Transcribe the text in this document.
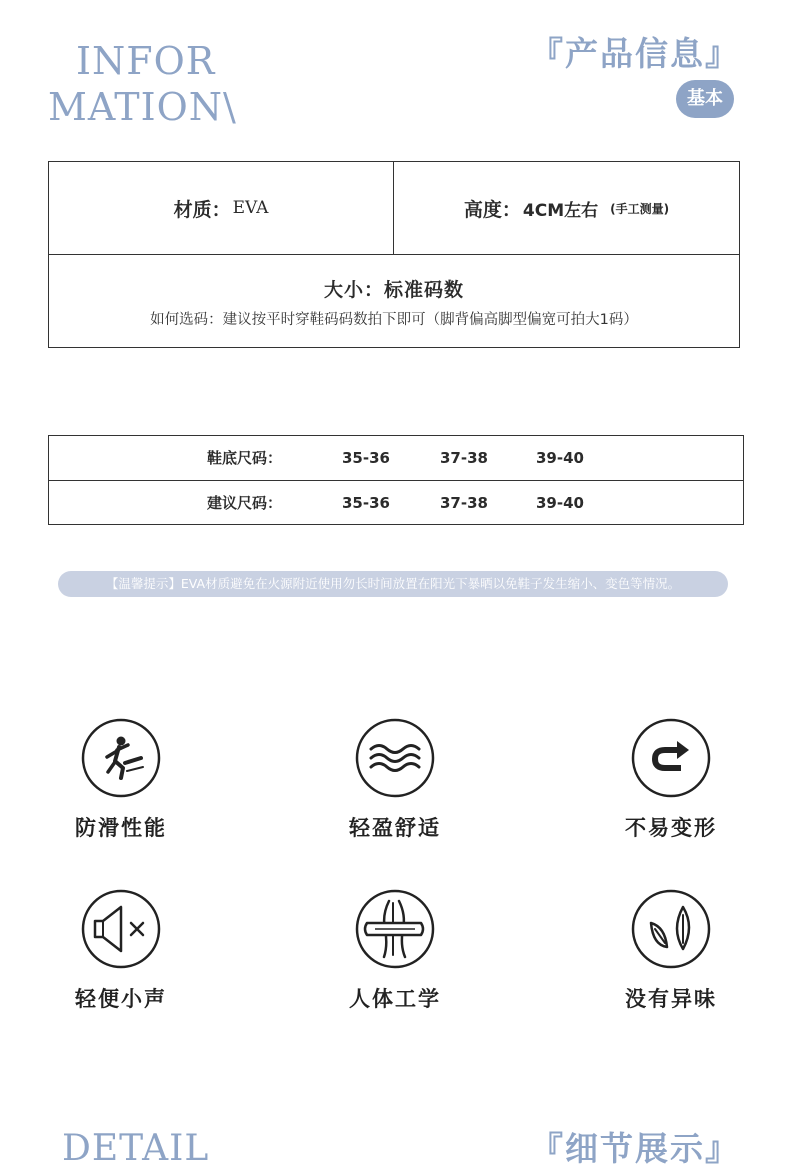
INFOR
MATION\
『产品信息』
基本
材质： EVA	高度： 4CM左右 (手工测量)
大小：标准码数
如何选码：建议按平时穿鞋码码数拍下即可（脚背偏高脚型偏宽可拍大1码）
鞋底尺码：	35-36	37-38	39-40
建议尺码：	35-36	37-38	39-40
【温馨提示】EVA材质避免在火源附近使用勿长时间放置在阳光下暴晒以免鞋子发生缩小、变色等情况。
防滑性能	轻盈舒适	不易变形
轻便小声	人体工学	没有异味
DETAIL	『细节展示』
